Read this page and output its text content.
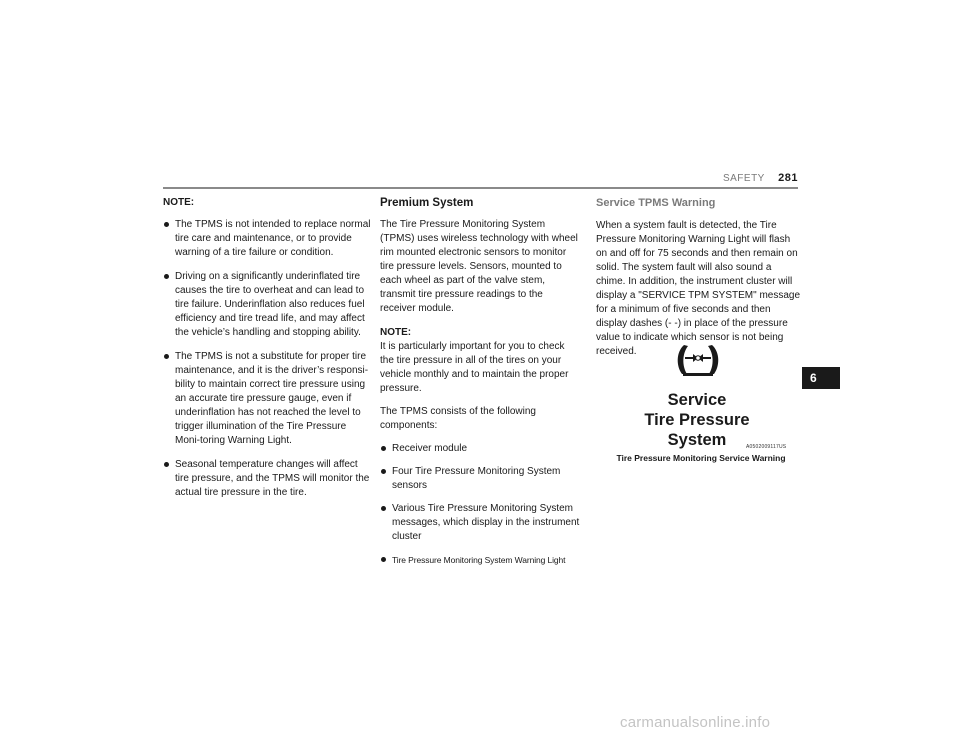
SAFETY 281
NOTE:
The TPMS is not intended to replace normal tire care and maintenance, or to provide warning of a tire failure or condition.
Driving on a significantly underinflated tire causes the tire to overheat and can lead to tire failure. Underinflation also reduces fuel efficiency and tire tread life, and may affect the vehicle’s handling and stopping ability.
The TPMS is not a substitute for proper tire maintenance, and it is the driver’s responsi-bility to maintain correct tire pressure using an accurate tire pressure gauge, even if underinflation has not reached the level to trigger illumination of the Tire Pressure Moni-toring Warning Light.
Seasonal temperature changes will affect tire pressure, and the TPMS will monitor the actual tire pressure in the tire.
Premium System

The Tire Pressure Monitoring System (TPMS) uses wireless technology with wheel rim mounted electronic sensors to monitor tire pressure levels. Sensors, mounted to each wheel as part of the valve stem, transmit tire pressure readings to the receiver module.

NOTE:

It is particularly important for you to check the tire pressure in all of the tires on your vehicle monthly and to maintain the proper pressure.

The TPMS consists of the following components:

Receiver module
Four Tire Pressure Monitoring System sensors
Various Tire Pressure Monitoring System messages, which display in the instrument cluster
Tire Pressure Monitoring System Warning Light
Service TPMS Warning

When a system fault is detected, the Tire Pressure Monitoring Warning Light will flash on and off for 75 seconds and then remain on solid. The system fault will also sound a chime. In addition, the instrument cluster will display a "SERVICE TPM SYSTEM" message for a minimum of five seconds and then display dashes (- -) in place of the pressure value to indicate which sensor is not being received.

Service
Tire Pressure
System	A0502009117US
Tire Pressure Monitoring Service Warning
6
carmanualsonline.info
